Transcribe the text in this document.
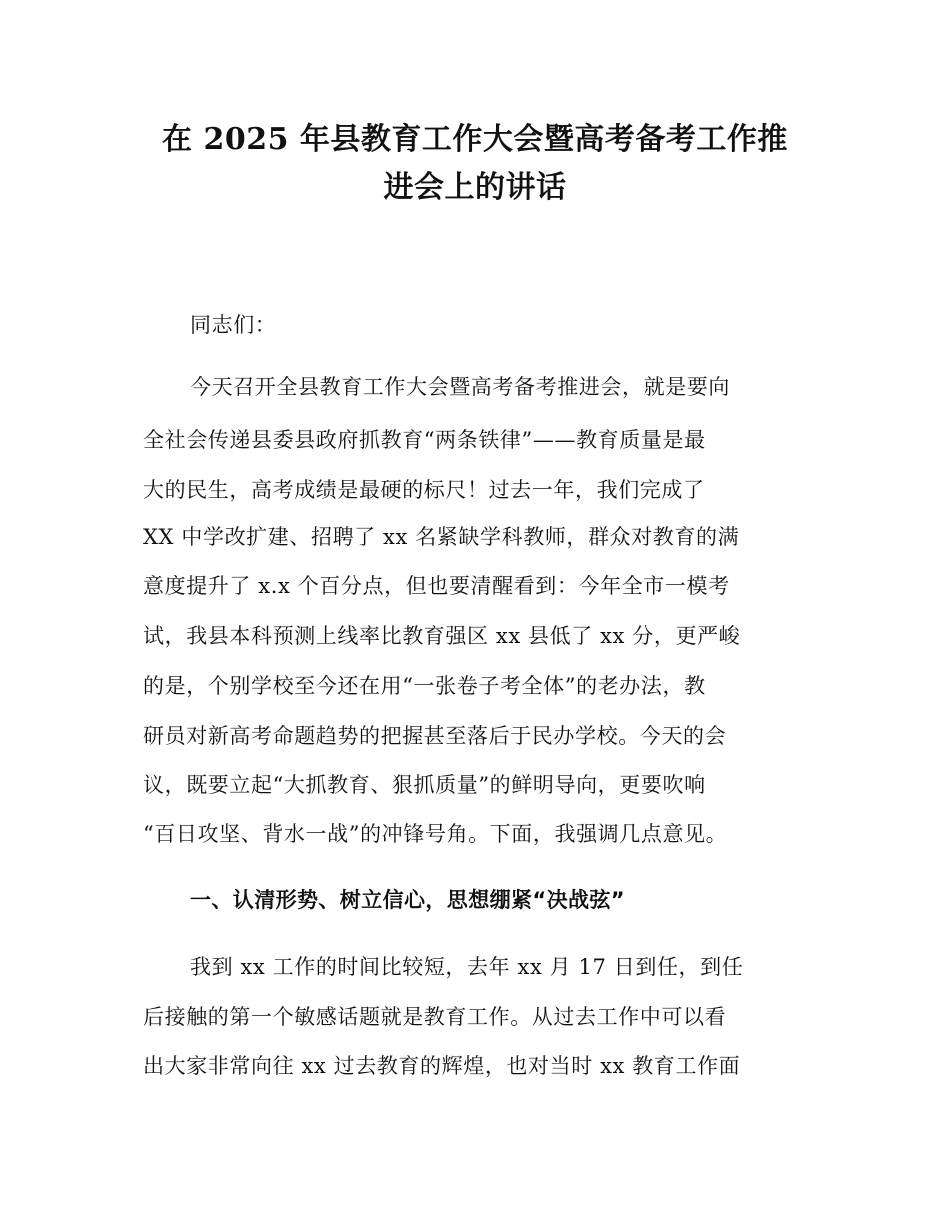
在 2025 年县教育工作大会暨高考备考工作推
进会上的讲话
同志们：
今天召开全县教育工作大会暨高考备考推进会，就是要向
全社会传递县委县政府抓教育“两条铁律”——教育质量是最
大的民生，高考成绩是最硬的标尺！过去一年，我们完成了
XX 中学改扩建、招聘了 xx 名紧缺学科教师，群众对教育的满
意度提升了 x.x 个百分点，但也要清醒看到：今年全市一模考
试，我县本科预测上线率比教育强区 xx 县低了 xx 分，更严峻
的是，个别学校至今还在用“一张卷子考全体”的老办法，教
研员对新高考命题趋势的把握甚至落后于民办学校。今天的会
议，既要立起“大抓教育、狠抓质量”的鲜明导向，更要吹响
“百日攻坚、背水一战”的冲锋号角。下面，我强调几点意见。
一、认清形势、树立信心，思想绷紧“决战弦”
我到 xx 工作的时间比较短，去年 xx 月 17 日到任，到任
后接触的第一个敏感话题就是教育工作。从过去工作中可以看
出大家非常向往 xx 过去教育的辉煌，也对当时 xx 教育工作面
